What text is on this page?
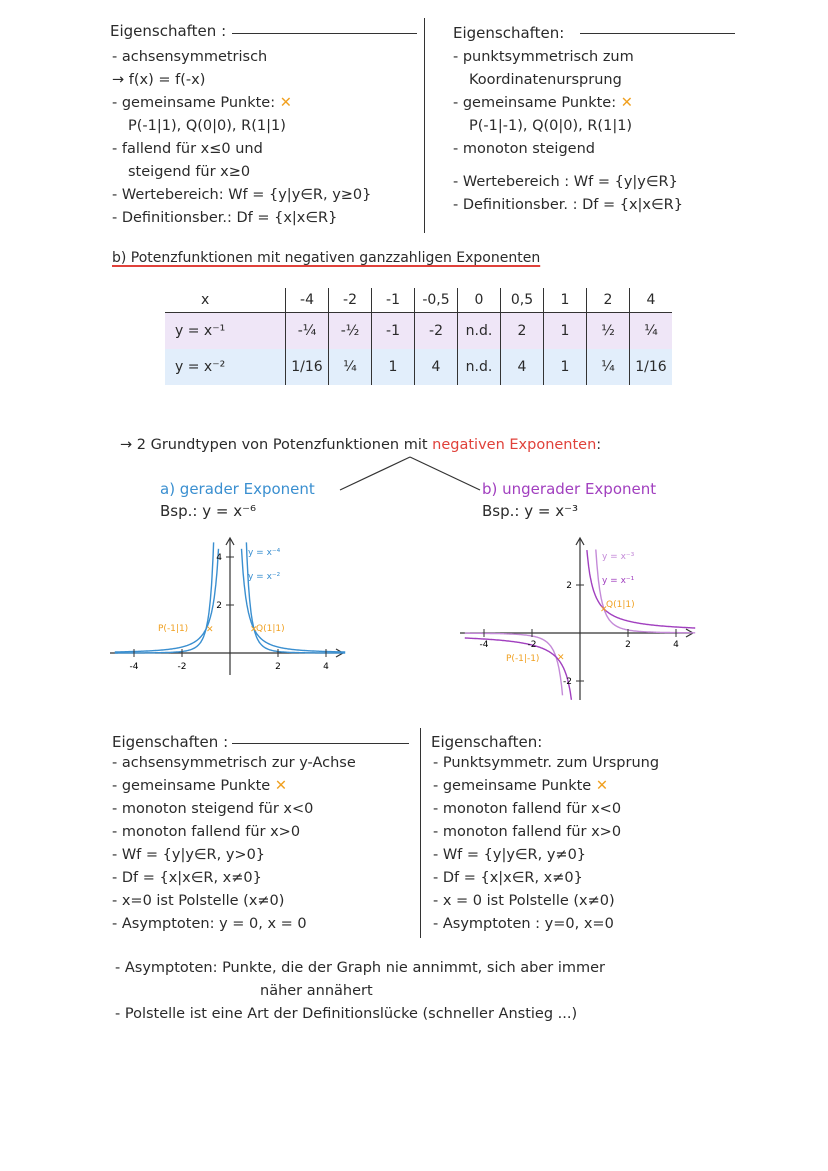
Eigenschaften :
- achsensymmetrisch
→ f(x) = f(-x)
- gemeinsame Punkte: ✕
P(-1|1), Q(0|0), R(1|1)
- fallend für x≤0 und
steigend für x≥0
- Wertebereich: Wf = {y|y∈R, y≥0}
- Definitionsber.: Df = {x|x∈R}
Eigenschaften:
- punktsymmetrisch zum
Koordinatenursprung
- gemeinsame Punkte: ✕
P(-1|-1), Q(0|0), R(1|1)
- monoton steigend
- Wertebereich : Wf = {y|y∈R}
- Definitionsber. : Df = {x|x∈R}
b) Potenzfunktionen mit negativen ganzzahligen Exponenten
x	-4	-2	-1	-0,5	0	0,5	1	2	4
y = x⁻¹	-¼	-½	-1	-2	n.d.	2	1	½	¼
y = x⁻²	1/16	¼	1	4	n.d.	4	1	¼	1/16
→ 2 Grundtypen von Potenzfunktionen mit negativen Exponenten:
a) gerader Exponent
Bsp.: y = x⁻⁶
b) ungerader Exponent
Bsp.: y = x⁻³
-4	-2	2	4
2
4	y = x⁻⁴
y = x⁻²
P(-1|1)	Q(1|1)
✕	✕
-4	-2	2	4
2
-2
y = x⁻³
y = x⁻¹
Q(1|1)
P(-1|-1)
✕
✕
Eigenschaften :
- achsensymmetrisch zur y-Achse
- gemeinsame Punkte ✕
- monoton steigend für x<0
- monoton fallend für x>0
- Wf = {y|y∈R, y>0}
- Df = {x|x∈R, x≠0}
- x=0 ist Polstelle (x≠0)
- Asymptoten: y = 0, x = 0
Eigenschaften:
- Punktsymmetr. zum Ursprung
- gemeinsame Punkte ✕
- monoton fallend für x<0
- monoton fallend für x>0
- Wf = {y|y∈R, y≠0}
- Df = {x|x∈R, x≠0}
- x = 0 ist Polstelle (x≠0)
- Asymptoten : y=0, x=0
- Asymptoten: Punkte, die der Graph nie annimmt, sich aber immer
näher annähert
- Polstelle ist eine Art der Definitionslücke (schneller Anstieg ...)
